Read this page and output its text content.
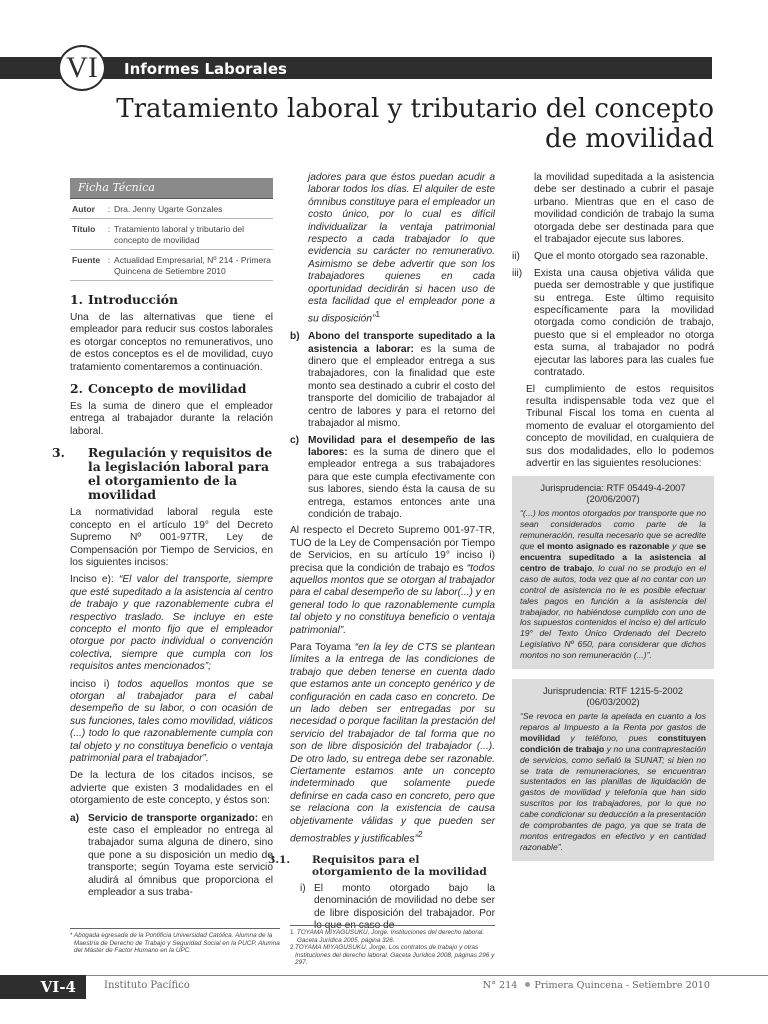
Informes Laborales
VI
Tratamiento laboral y tributario del concepto
de movilidad
Ficha Técnica
Autor	: Dra. Jenny Ugarte Gonzales
Título	: Tratamiento laboral y tributario del concepto de movilidad
Fuente : Actualidad Empresarial, Nº 214 - Primera Quincena de Setiembre 2010
1. Introducción

Una de las alternativas que tiene el empleador para reducir sus costos laborales es otorgar conceptos no remunerativos, uno de estos conceptos es el de movilidad, cuyo tratamiento comentaremos a continuación.

2. Concepto de movilidad

Es la suma de dinero que el empleador entrega al trabajador durante la relación laboral.

3. Regulación y requisitos de la legislación laboral para el otorgamiento de la movilidad

La normatividad laboral regula este concepto en el artículo 19° del Decreto Supremo Nº 001-97TR, Ley de Compensación por Tiempo de Servicios, en los siguientes incisos:

Inciso e): “El valor del transporte, siempre que esté supeditado a la asistencia al centro de trabajo y que razonablemente cubra el respectivo traslado. Se incluye en este concepto el monto fijo que el empleador otorgue por pacto individual o convención colectiva, siempre que cumpla con los requisitos antes mencionados”;

inciso i) todos aquellos montos que se otorgan al trabajador para el cabal desempeño de su labor, o con ocasión de sus funciones, tales como movilidad, viáticos (...) todo lo que razonablemente cumpla con tal objeto y no constituya beneficio o ventaja patrimonial para el trabajador”.

De la lectura de los citados incisos, se advierte que existen 3 modalidades en el otorgamiento de este concepto, y éstos son:

a) Servicio de transporte organizado: en este caso el empleador no entrega al trabajador suma alguna de dinero, sino que pone a su disposición un medio de transporte; según Toyama este servicio aludirá al ómnibus que proporciona el empleador a sus traba-

jadores para que éstos puedan acudir a laborar todos los días. El alquiler de este ómnibus constituye para el empleador un costo único, por lo cual es difícil individualizar la ventaja patrimonial respecto a cada trabajador lo que evidencia su carácter no remunerativo. Asimismo se debe advertir que son los trabajadores quienes en cada oportunidad decidirán si hacen uso de esta facilidad que el empleador pone a su disposición”$^1$

b) Abono del transporte supeditado a la asistencia a laborar: es la suma de dinero que el empleador entrega a sus trabajadores, con la finalidad que este monto sea destinado a cubrir el costo del transporte del domicilio de trabajador al centro de labores y para el retorno del trabajador al mismo.
c) Movilidad para el desempeño de las labores: es la suma de dinero que el empleador entrega a sus trabajadores para que este cumpla efectivamente con sus labores, siendo ésta la causa de su entrega, estamos entonces ante una condición de trabajo.

Al respecto el Decreto Supremo 001-97-TR, TUO de la Ley de Compensación por Tiempo de Servicios, en su artículo 19° inciso i) precisa que la condición de trabajo es “todos aquellos montos que se otorgan al trabajador para el cabal desempeño de su labor(...) y en general todo lo que razonablemente cumpla tal objeto y no constituya beneficio o ventaja patrimonial”.

Para Toyama “en la ley de CTS se plantean límites a la entrega de las condiciones de trabajo que deben tenerse en cuenta dado que estamos ante un concepto genérico y de configuración en cada caso en concreto. De un lado deben ser entregadas por su necesidad o porque facilitan la prestación del servicio del trabajador de tal forma que no son de libre disposición del trabajador (...). De otro lado, su entrega debe ser razonable. Ciertamente estamos ante un concepto indeterminado que solamente puede definirse en cada caso en concreto, pero que se relaciona con la existencia de causa objetivamente válidas y que pueden ser demostrables y justificables”$^2$

3.1. Requisitos para el otorgamiento de la movilidad
i) El monto otorgado bajo la denominación de movilidad no debe ser de libre disposición del trabajador. Por lo que en caso de

la movilidad supeditada a la asistencia debe ser destinado a cubrir el pasaje urbano. Mientras que en el caso de movilidad condición de trabajo la suma otorgada debe ser destinada para que el trabajador ejecute sus labores.

ii)	Que el monto otorgado sea razonable.
iii)	Exista una causa objetiva válida que pueda ser demostrable y que justifique su entrega. Este último requisito específicamente para la movilidad otorgada como condición de trabajo, puesto que si el empleador no otorga esta suma, al trabajador no podrá ejecutar las labores para las cuales fue contratado.

El cumplimiento de estos requisitos resulta indispensable toda vez que el Tribunal Fiscal los toma en cuenta al momento de evaluar el otorgamiento del concepto de movilidad, en cualquiera de sus dos modalidades, ello lo podemos advertir en las siguientes resoluciones:

Jurisprudencia: RTF 05449-4-2007
(20/06/2007)

“(...) los montos otorgados por transporte que no sean considerados como parte de la remuneración, resulta necesario que se acredite que el monto asignado es razonable y que se encuentra supeditado a la asistencia al centro de trabajo, lo cual no se produjo en el caso de autos, toda vez que al no contar con un control de asistencia no le es posible efectuar tales pagos en función a la asistencia del trabajador, no habiéndose cumplido con uno de los supuestos contenidos el inciso e) del artículo 19° del Texto Único Ordenado del Decreto Legislativo Nº 650, para considerar que dichos montos no son remuneración (...)”.

Jurisprudencia: RTF 1215-5-2002
(06/03/2002)

“Se revoca en parte la apelada en cuanto a los reparos al Impuesto a la Renta por gastos de movilidad y teléfono, pues constituyen condición de trabajo y no una contraprestación de servicios, como señaló la SUNAT; si bien no se trata de remuneraciones, se encuentran sustentados en las planillas de liquidación de gastos de movilidad y telefonía que han sido suscritos por los trabajadores, por lo que no cabe condicionar su deducción a la presentación de comprobantes de pago, ya que se trata de montos entregados en efectivo y en cantidad razonable”.

* Abogada egresada de la Pontificia Universidad Católica. Alumna de la Maestría de Derecho de Trabajo y Seguridad Social en la PUCP. Alumna del Máster de Factor Humano en la UPC.
1 TOYAMA MIYAGUSUKU, Jorge. Instituciones del derecho laboral. Gaceta Jurídica 2005, página 326.
2 TOYAMA MIYAGUSUKU, Jorge. Los contratos de trabajo y otras Instituciones del derecho laboral. Gaceta Jurídica 2008, páginas 296 y 297.
VI-4	Instituto Pacífico	N° 214 Primera Quincena - Setiembre 2010
